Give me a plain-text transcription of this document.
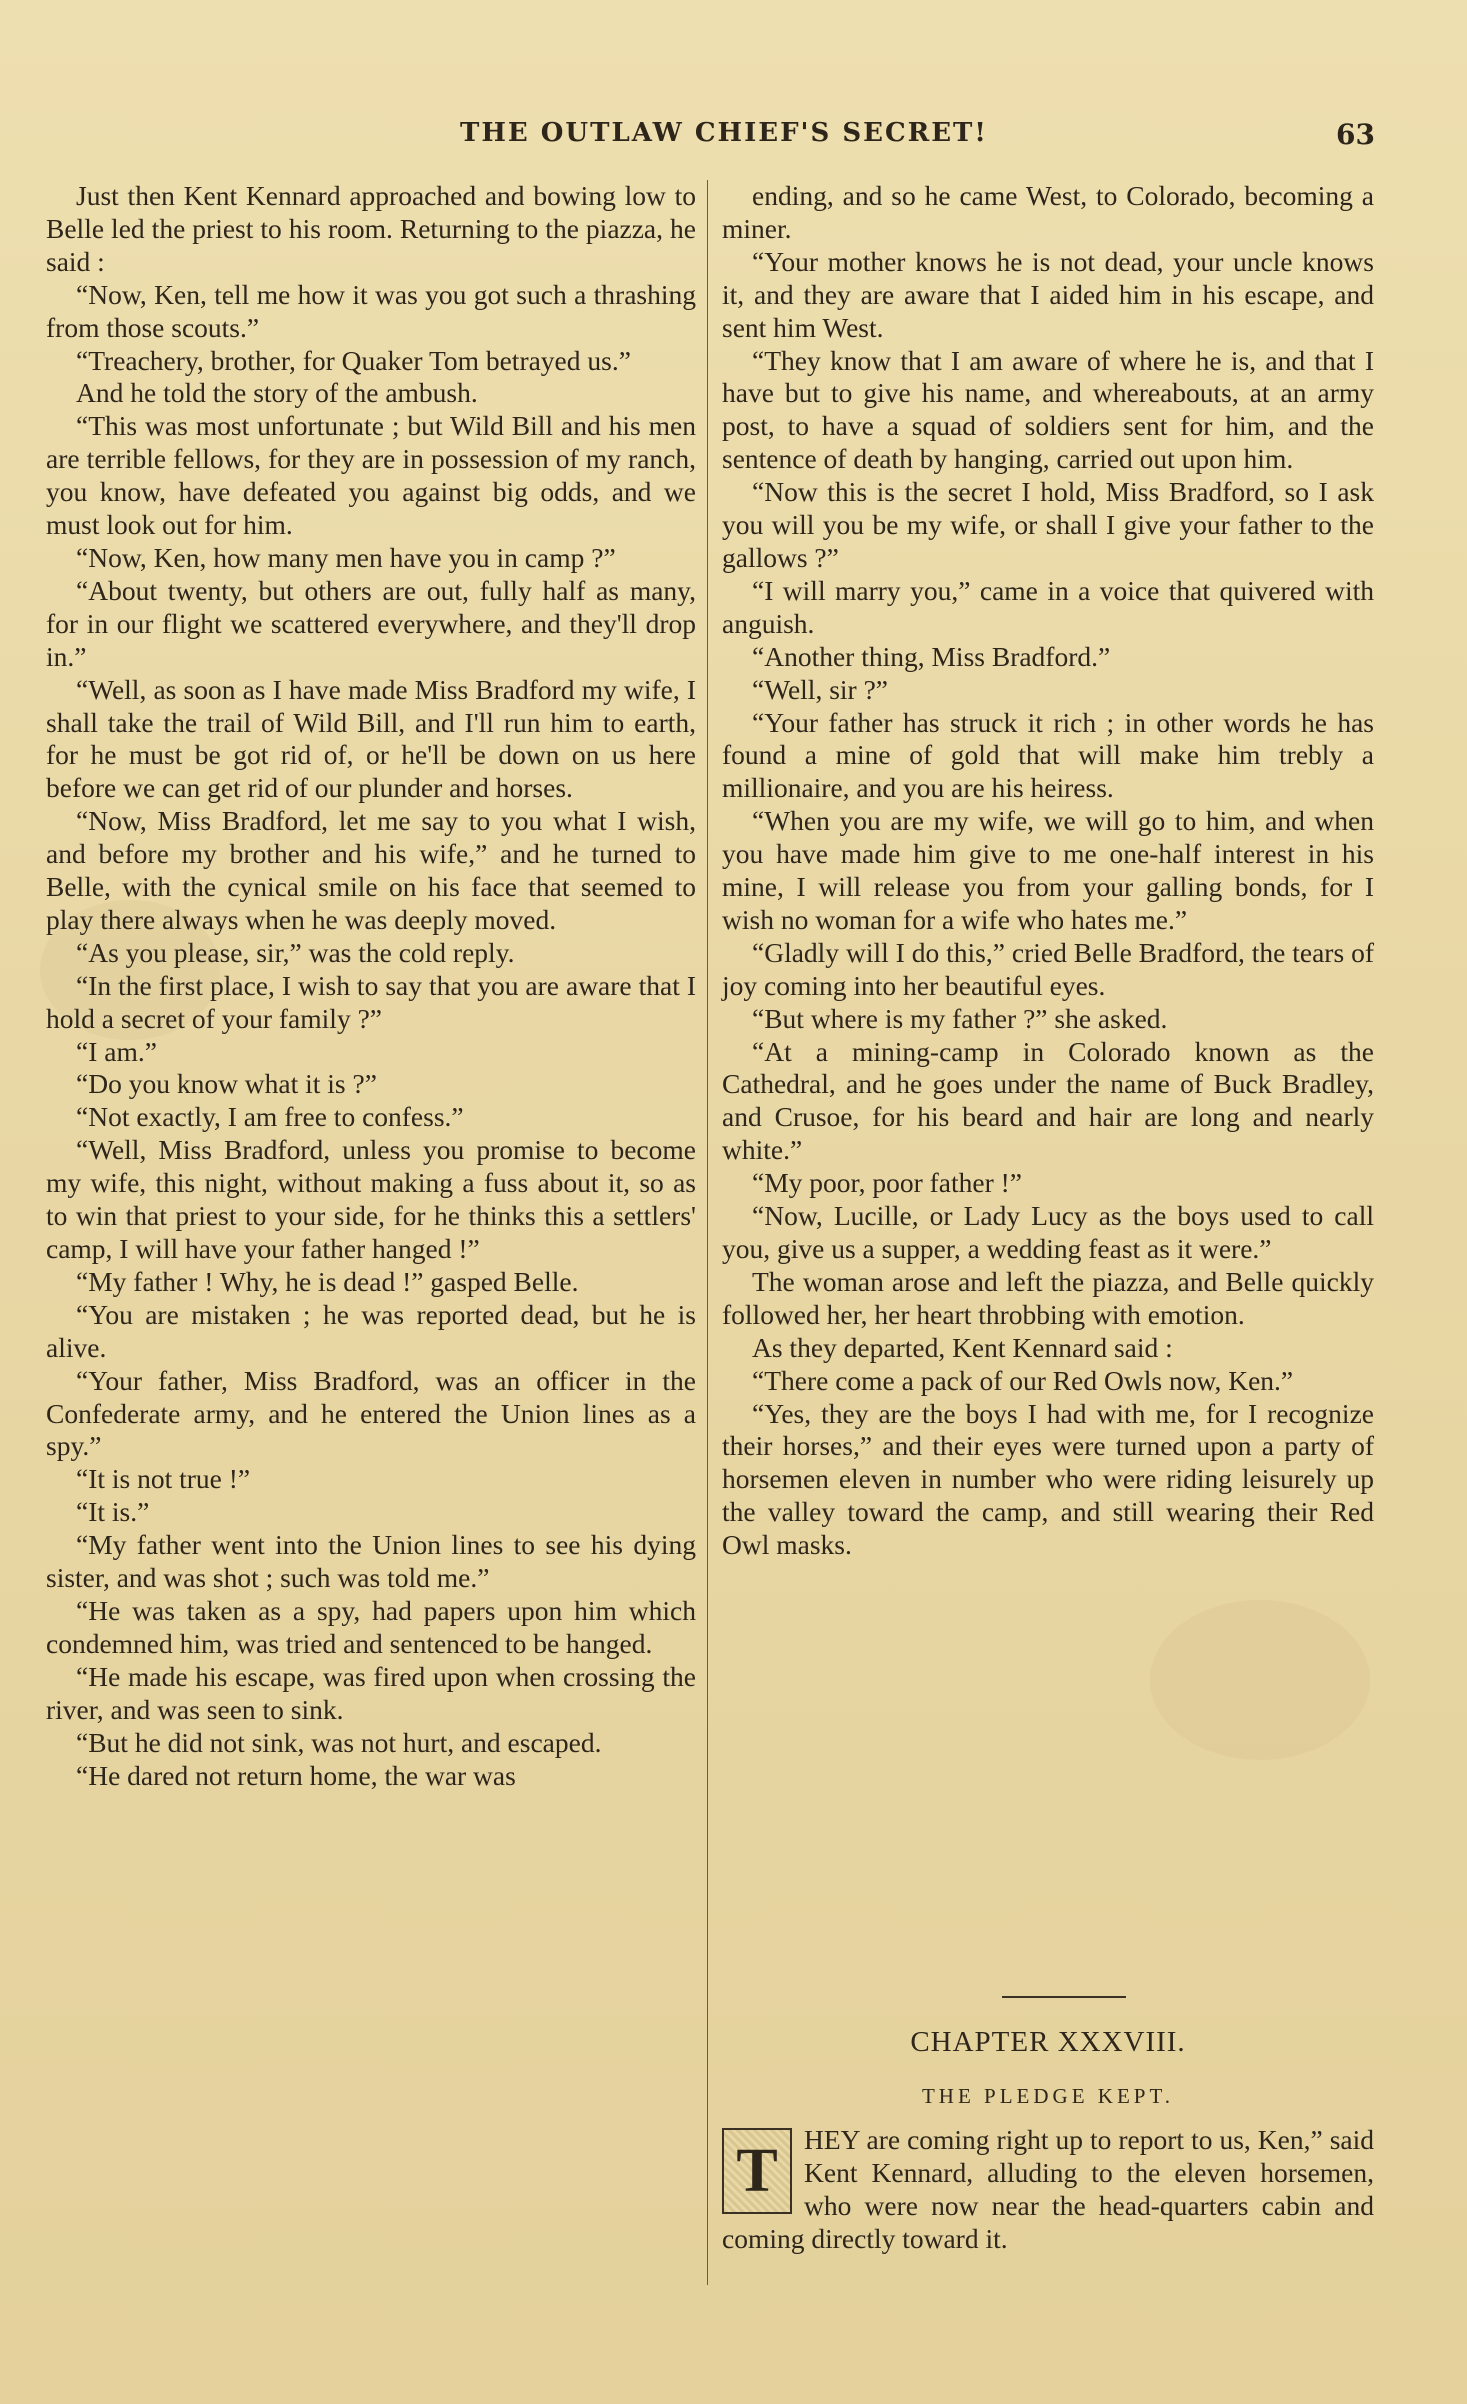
THE OUTLAW CHIEF'S SECRET!	63

Just then Kent Kennard approached and bowing low to Belle led the priest to his room. Returning to the piazza, he said :

“Now, Ken, tell me how it was you got such a thrashing from those scouts.”

“Treachery, brother, for Quaker Tom betrayed us.”

And he told the story of the ambush.

“This was most unfortunate ; but Wild Bill and his men are terrible fellows, for they are in possession of my ranch, you know, have defeated you against big odds, and we must look out for him.

“Now, Ken, how many men have you in camp ?”

“About twenty, but others are out, fully half as many, for in our flight we scattered everywhere, and they'll drop in.”

“Well, as soon as I have made Miss Bradford my wife, I shall take the trail of Wild Bill, and I'll run him to earth, for he must be got rid of, or he'll be down on us here before we can get rid of our plunder and horses.

“Now, Miss Bradford, let me say to you what I wish, and before my brother and his wife,” and he turned to Belle, with the cynical smile on his face that seemed to play there always when he was deeply moved.

“As you please, sir,” was the cold reply.

“In the first place, I wish to say that you are aware that I hold a secret of your family ?”

“I am.”

“Do you know what it is ?”

“Not exactly, I am free to confess.”

“Well, Miss Bradford, unless you promise to become my wife, this night, without making a fuss about it, so as to win that priest to your side, for he thinks this a settlers' camp, I will have your father hanged !”

“My father ! Why, he is dead !” gasped Belle.

“You are mistaken ; he was reported dead, but he is alive.

“Your father, Miss Bradford, was an officer in the Confederate army, and he entered the Union lines as a spy.”

“It is not true !”

“It is.”

“My father went into the Union lines to see his dying sister, and was shot ; such was told me.”

“He was taken as a spy, had papers upon him which condemned him, was tried and sentenced to be hanged.

“He made his escape, was fired upon when crossing the river, and was seen to sink.

“But he did not sink, was not hurt, and escaped.

“He dared not return home, the war was

ending, and so he came West, to Colorado, becoming a miner.

“Your mother knows he is not dead, your uncle knows it, and they are aware that I aided him in his escape, and sent him West.

“They know that I am aware of where he is, and that I have but to give his name, and whereabouts, at an army post, to have a squad of soldiers sent for him, and the sentence of death by hanging, carried out upon him.

“Now this is the secret I hold, Miss Bradford, so I ask you will you be my wife, or shall I give your father to the gallows ?”

“I will marry you,” came in a voice that quivered with anguish.

“Another thing, Miss Bradford.”

“Well, sir ?”

“Your father has struck it rich ; in other words he has found a mine of gold that will make him trebly a millionaire, and you are his heiress.

“When you are my wife, we will go to him, and when you have made him give to me one-half interest in his mine, I will release you from your galling bonds, for I wish no woman for a wife who hates me.”

“Gladly will I do this,” cried Belle Bradford, the tears of joy coming into her beautiful eyes.

“But where is my father ?” she asked.

“At a mining-camp in Colorado known as the Cathedral, and he goes under the name of Buck Bradley, and Crusoe, for his beard and hair are long and nearly white.”

“My poor, poor father !”

“Now, Lucille, or Lady Lucy as the boys used to call you, give us a supper, a wedding feast as it were.”

The woman arose and left the piazza, and Belle quickly followed her, her heart throbbing with emotion.

As they departed, Kent Kennard said :

“There come a pack of our Red Owls now, Ken.”

“Yes, they are the boys I had with me, for I recognize their horses,” and their eyes were turned upon a party of horsemen eleven in number who were riding leisurely up the valley toward the camp, and still wearing their Red Owl masks.

CHAPTER XXXVIII.
THE PLEDGE KEPT.
T HEY are coming right up to report to us, Ken,” said Kent Kennard, alluding to the eleven horsemen, who were now near the head-quarters cabin and coming directly toward it.
